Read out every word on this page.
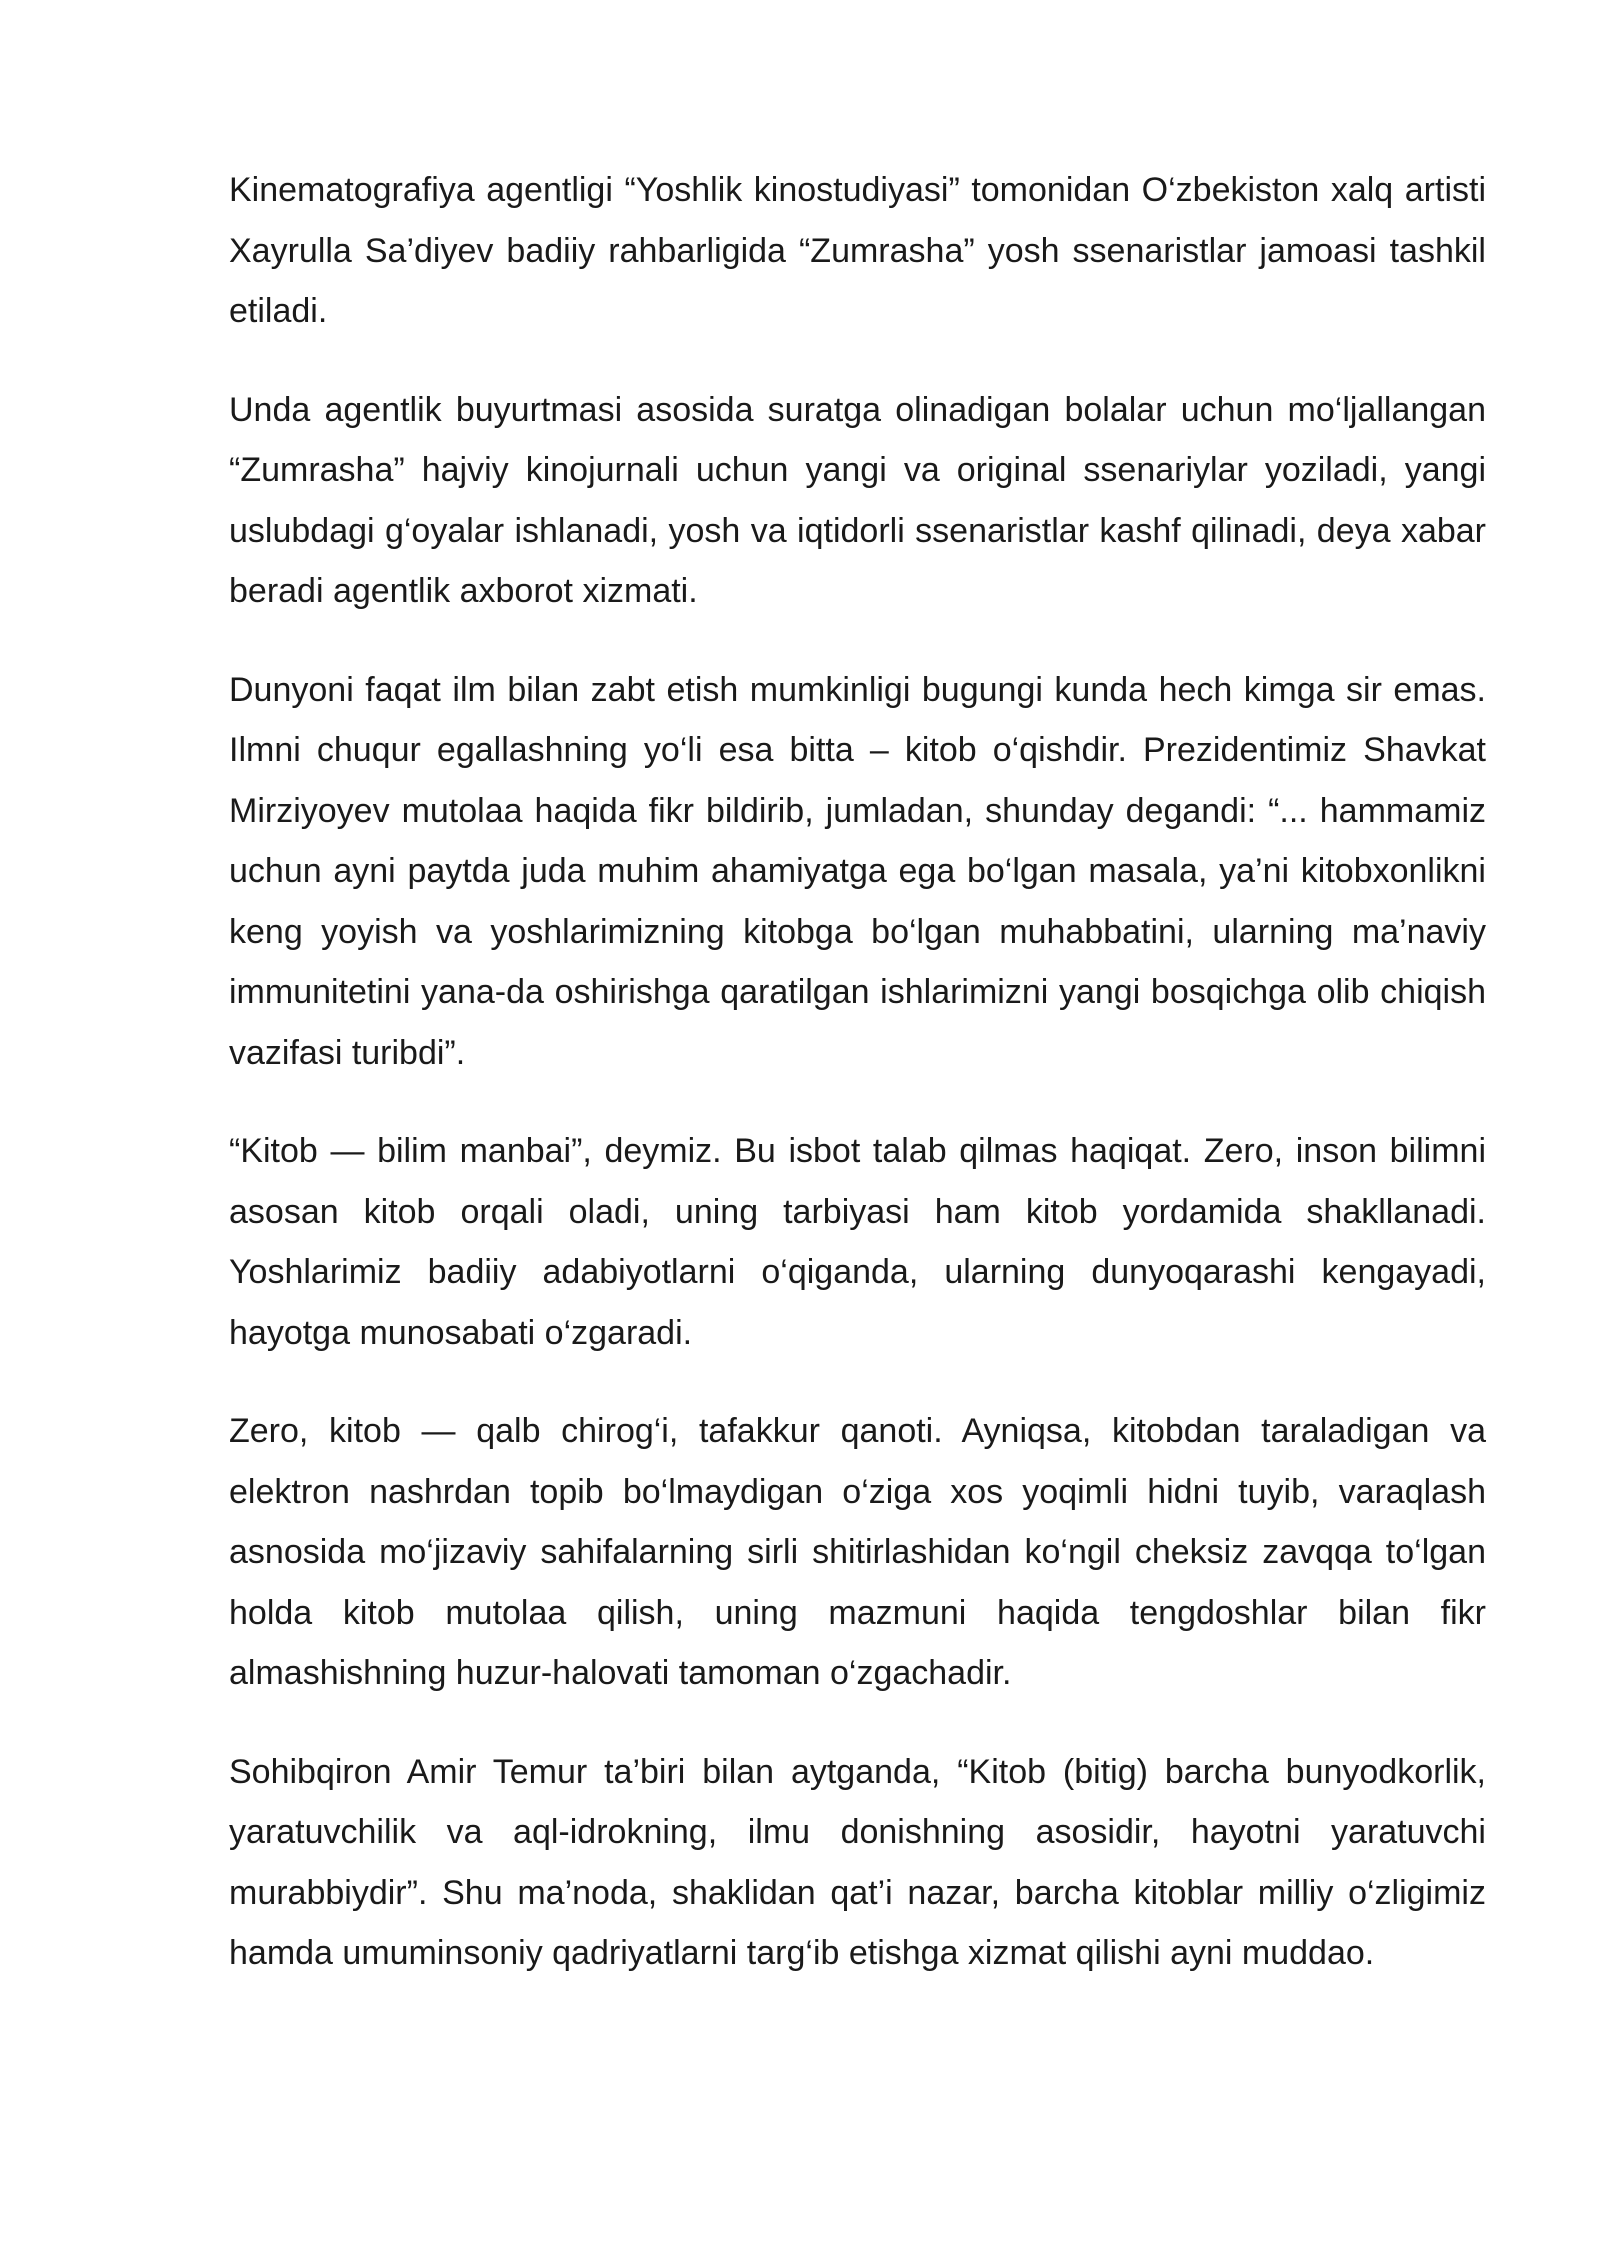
Kinematografiya agentligi “Yoshlik kinostudiyasi” tomonidan O‘zbekiston xalq artisti Xayrulla Sa’diyev badiiy rahbarligida “Zumrasha” yosh ssenaristlar jamoasi tashkil etiladi.

Unda agentlik buyurtmasi asosida suratga olinadigan bolalar uchun mo‘ljallangan “Zumrasha” hajviy kinojurnali uchun yangi va original ssenariylar yoziladi, yangi uslubdagi g‘oyalar ishlanadi, yosh va iqtidorli ssenaristlar kashf qilinadi, deya xabar beradi agentlik axborot xizmati.

Dunyoni faqat ilm bilan zabt etish mumkinligi bugungi kunda hech kimga sir emas. Ilmni chuqur egallashning yo‘li esa bitta – kitob o‘qishdir. Prezidentimiz Shavkat Mirziyoyev mutolaa haqida fikr bildirib, jumladan, shunday degandi: “... hammamiz uchun ayni paytda juda muhim ahamiyatga ega bo‘lgan masala, ya’ni kitobxonlikni keng yoyish va yoshlarimizning kitobga bo‘lgan muhabbatini, ularning ma’naviy immunitetini yana-da oshirishga qaratilgan ishlarimizni yangi bosqichga olib chiqish vazifasi turibdi”.

“Kitob — bilim manbai”, deymiz. Bu isbot talab qilmas haqiqat. Zero, inson bilimni asosan kitob orqali oladi, uning tarbiyasi ham kitob yordamida shakllanadi. Yoshlarimiz badiiy adabiyotlarni o‘qiganda, ularning dunyoqarashi kengayadi, hayotga munosabati o‘zgaradi.

Zero, kitob — qalb chirog‘i, tafakkur qanoti. Ayniqsa, kitobdan taraladigan va elektron nashrdan topib bo‘lmaydigan o‘ziga xos yoqimli hidni tuyib, varaqlash asnosida mo‘jizaviy sahifalarning sirli shitirlashidan ko‘ngil cheksiz zavqqa to‘lgan holda kitob mutolaa qilish, uning mazmuni haqida tengdoshlar bilan fikr almashishning huzur-halovati tamoman o‘zgachadir.

Sohibqiron Amir Temur ta’biri bilan aytganda, “Kitob (bitig) barcha bunyodkorlik, yaratuvchilik va aql-idrokning, ilmu donishning asosidir, hayotni yaratuvchi murabbiydir”. Shu ma’noda, shaklidan qat’i nazar, barcha kitoblar milliy o‘zligimiz hamda umuminsoniy qadriyatlarni targ‘ib etishga xizmat qilishi ayni muddao.
